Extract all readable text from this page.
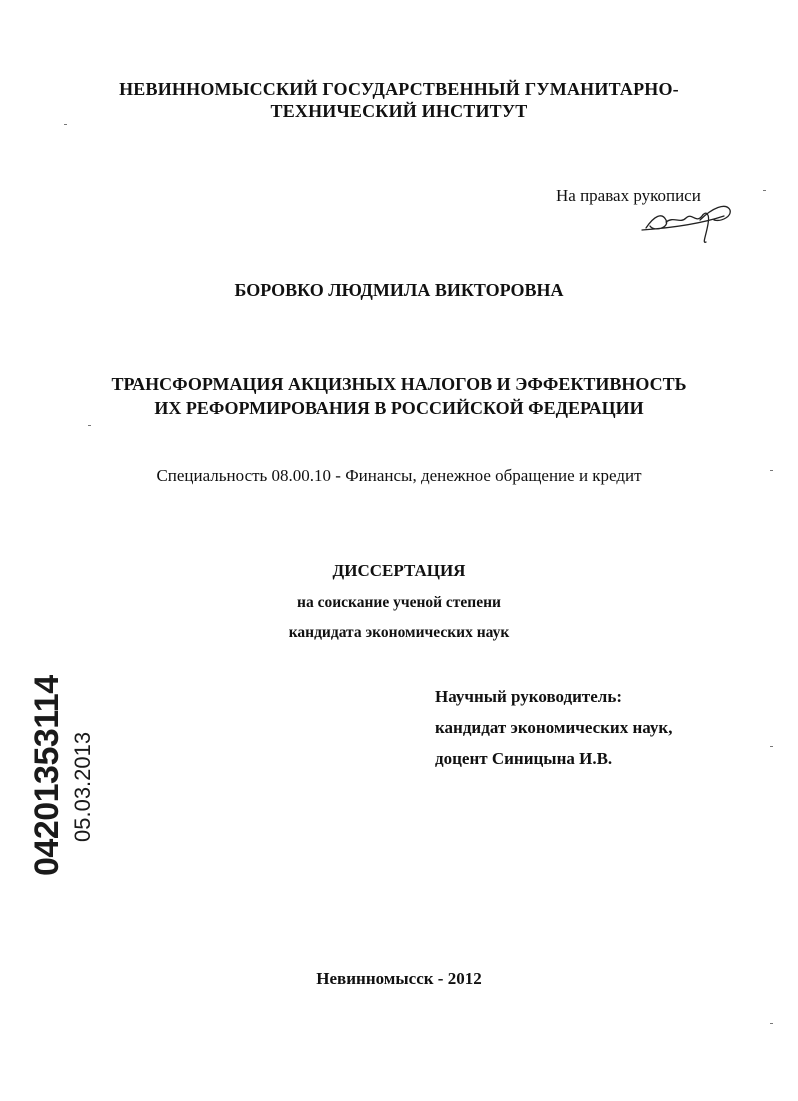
НЕВИННОМЫССКИЙ ГОСУДАРСТВЕННЫЙ ГУМАНИТАРНО-
ТЕХНИЧЕСКИЙ ИНСТИТУТ
На правах рукописи
БОРОВКО ЛЮДМИЛА ВИКТОРОВНА
ТРАНСФОРМАЦИЯ АКЦИЗНЫХ НАЛОГОВ И ЭФФЕКТИВНОСТЬ
ИХ РЕФОРМИРОВАНИЯ В РОССИЙСКОЙ ФЕДЕРАЦИИ
Специальность 08.00.10 - Финансы, денежное обращение и кредит
ДИССЕРТАЦИЯ
на соискание ученой степени
кандидата экономических наук
Научный руководитель:
кандидат экономических наук,
доцент Синицына И.В.
04201353114 05.03.2013
Невинномысск - 2012
